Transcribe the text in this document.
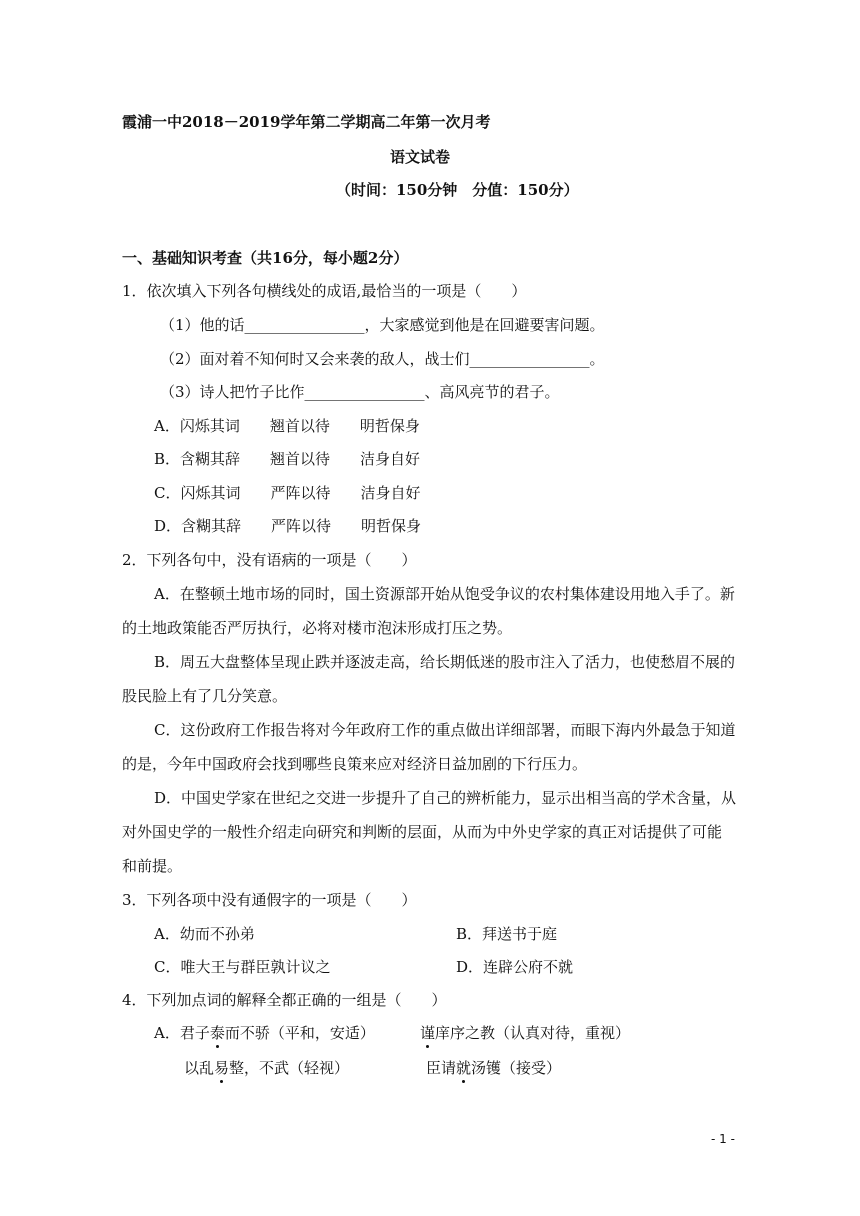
霞浦一中2018－2019学年第二学期高二年第一次月考
语文试卷
（时间：150分钟　分值：150分）
一、基础知识考查（共16分，每小题2分）
1．依次填入下列各句横线处的成语,最恰当的一项是（　　）
（1）他的话________________，大家感觉到他是在回避要害问题。
（2）面对着不知何时又会来袭的敌人，战士们________________。
（3）诗人把竹子比作________________、高风亮节的君子。
A．闪烁其词　　翘首以待　　明哲保身
B．含糊其辞　　翘首以待　　洁身自好
C．闪烁其词　　严阵以待　　洁身自好
D．含糊其辞　　严阵以待　　明哲保身
2．下列各句中，没有语病的一项是（　　）
A．在整顿土地市场的同时，国土资源部开始从饱受争议的农村集体建设用地入手了。新
的土地政策能否严厉执行，必将对楼市泡沫形成打压之势。
B．周五大盘整体呈现止跌并逐波走高，给长期低迷的股市注入了活力，也使愁眉不展的
股民脸上有了几分笑意。
C．这份政府工作报告将对今年政府工作的重点做出详细部署，而眼下海内外最急于知道
的是，今年中国政府会找到哪些良策来应对经济日益加剧的下行压力。
D．中国史学家在世纪之交进一步提升了自己的辨析能力，显示出相当高的学术含量，从
对外国史学的一般性介绍走向研究和判断的层面，从而为中外史学家的真正对话提供了可能
和前提。
3．下列各项中没有通假字的一项是（　　）
A．幼而不孙弟	B．拜送书于庭
C．唯大王与群臣孰计议之	D．连辟公府不就
4．下列加点词的解释全都正确的一组是（　　）
A．君子泰而不骄（平和，安适）	谨庠序之教（认真对待，重视）
以乱易整，不武（轻视）	臣请就汤镬（接受）
- 1 -
